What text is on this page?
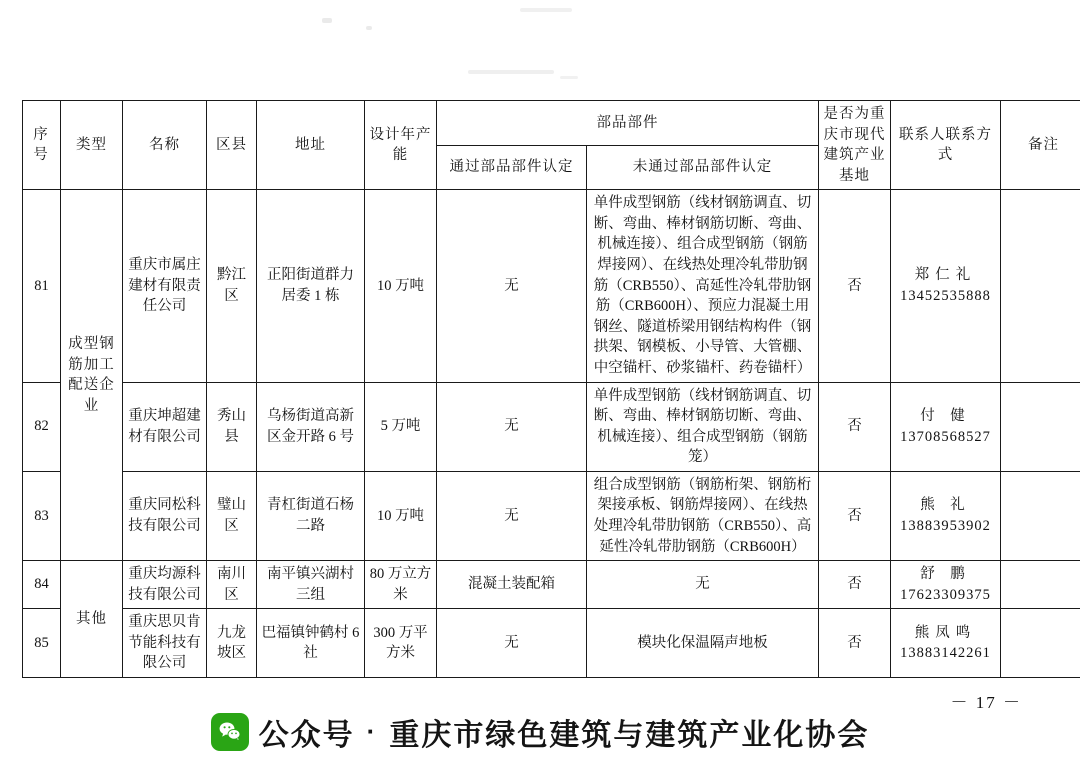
序号	类型	名称	区县	地址	设计年产能	部品部件		是否为重庆市现代建筑产业基地	联系人联系方式	备注
						通过部品部件认定	未通过部品部件认定			
81	成型钢筋加工配送企业	重庆市属庄建材有限责任公司	黔江区	正阳街道群力居委 1 栋	10 万吨	无	单件成型钢筋（线材钢筋调直、切断、弯曲、棒材钢筋切断、弯曲、机械连接）、组合成型钢筋（钢筋焊接网）、在线热处理冷轧带肋钢筋（CRB550）、高延性冷轧带肋钢筋（CRB600H）、预应力混凝土用钢丝、隧道桥梁用钢结构构件（钢拱架、钢模板、小导管、大管棚、中空锚杆、砂浆锚杆、药卷锚杆）	否	郑仁礼
13452535888	

82		重庆坤超建材有限公司	秀山县	乌杨街道高新区金开路 6 号	5 万吨	无	单件成型钢筋（线材钢筋调直、切断、弯曲、棒材钢筋切断、弯曲、机械连接）、组合成型钢筋（钢筋笼）	否	付 健
13708568527	

83		重庆同松科技有限公司	璧山区	青杠街道石杨二路	10 万吨	无	组合成型钢筋（钢筋桁架、钢筋桁架接承板、钢筋焊接网）、在线热处理冷轧带肋钢筋（CRB550）、高延性冷轧带肋钢筋（CRB600H）	否	熊 礼
13883953902	

84	其他	重庆均源科技有限公司	南川区	南平镇兴湖村三组	80 万立方米	混凝土装配箱	无	否	舒 鹏
17623309375	

85		重庆思贝肯节能科技有限公司	九龙坡区	巴福镇钟鹤村 6 社	300 万平方米	无	模块化保温隔声地板	否	熊凤鸣
13883142261	

－ 17 －
公众号 · 重庆市绿色建筑与建筑产业化协会
